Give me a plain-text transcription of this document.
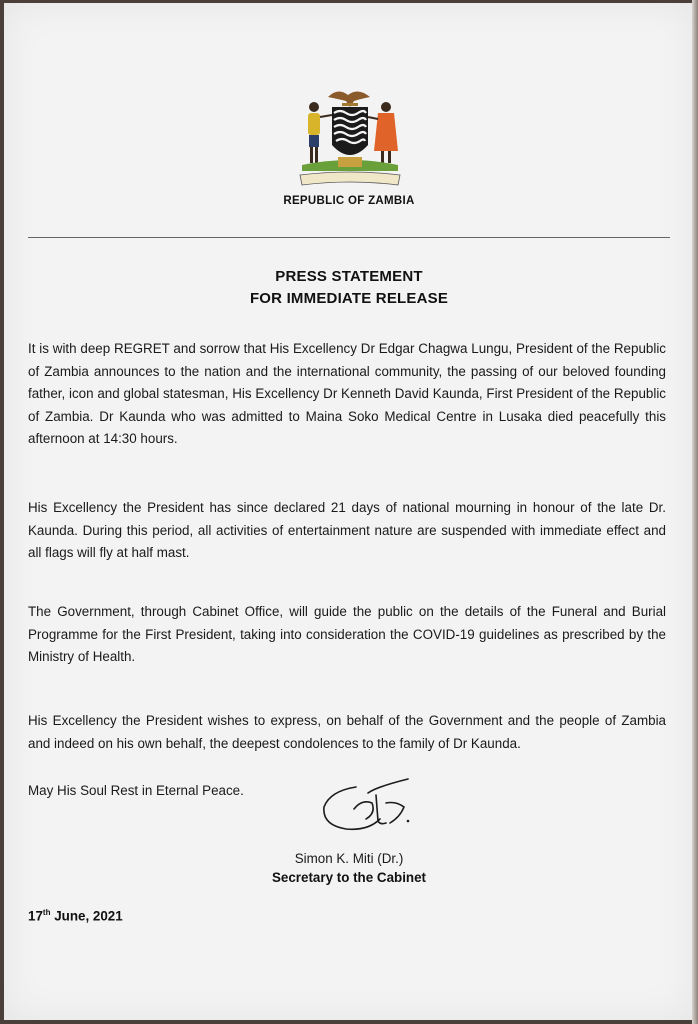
REPUBLIC OF ZAMBIA
PRESS STATEMENT
FOR IMMEDIATE RELEASE
It is with deep REGRET and sorrow that His Excellency Dr Edgar Chagwa Lungu, President of the Republic of Zambia announces to the nation and the international community, the passing of our beloved founding father, icon and global statesman, His Excellency Dr Kenneth David Kaunda, First President of the Republic of Zambia. Dr Kaunda who was admitted to Maina Soko Medical Centre in Lusaka died peacefully this afternoon at 14:30 hours.
His Excellency the President has since declared 21 days of national mourning in honour of the late Dr. Kaunda. During this period, all activities of entertainment nature are suspended with immediate effect and all flags will fly at half mast.
The Government, through Cabinet Office, will guide the public on the details of the Funeral and Burial Programme for the First President, taking into consideration the COVID-19 guidelines as prescribed by the Ministry of Health.
His Excellency the President wishes to express, on behalf of the Government and the people of Zambia and indeed on his own behalf, the deepest condolences to the family of Dr Kaunda.
May His Soul Rest in Eternal Peace.
Simon K. Miti (Dr.)
Secretary to the Cabinet
17th June, 2021
